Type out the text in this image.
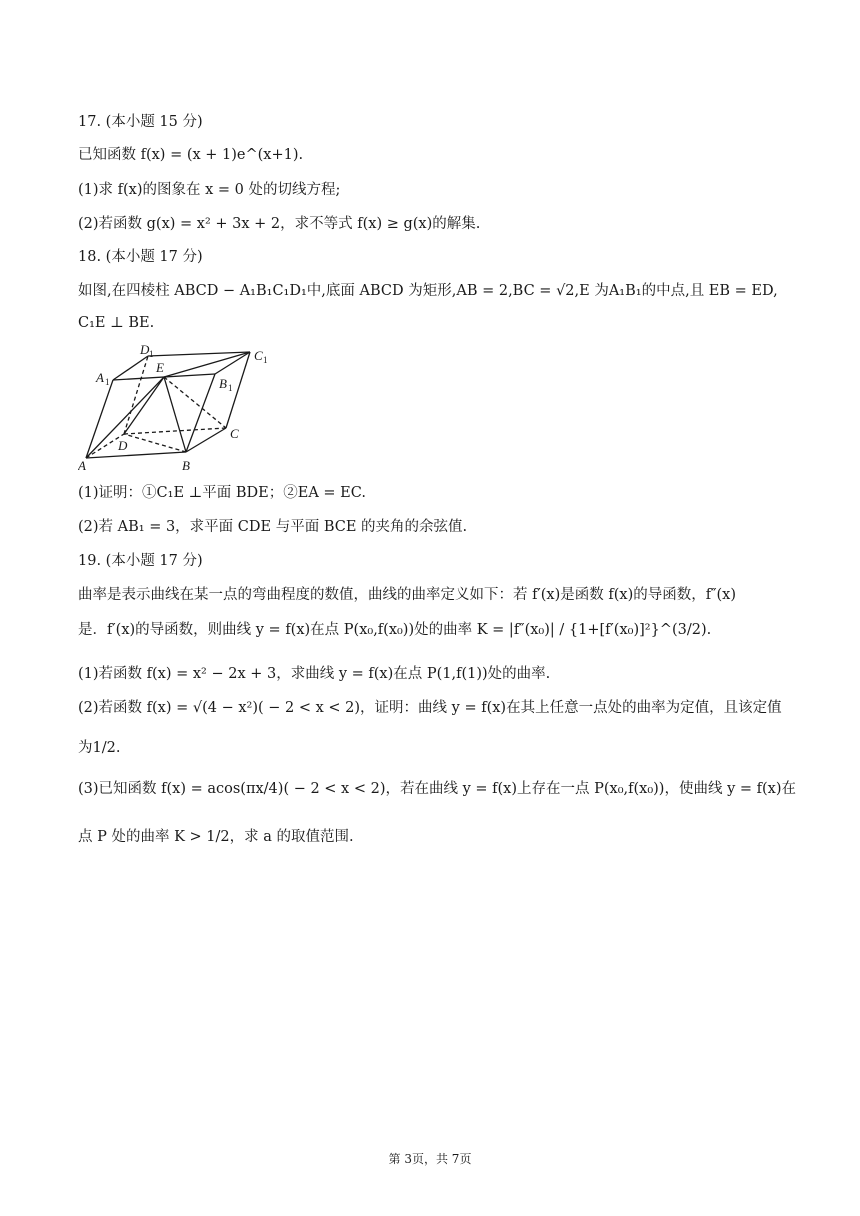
17. (本小题 15 分)
已知函数 f(x) = (x + 1)e^(x+1).
(1)求 f(x)的图象在 x = 0 处的切线方程;
(2)若函数 g(x) = x² + 3x + 2，求不等式 f(x) ≥ g(x)的解集.
18. (本小题 17 分)
如图,在四棱柱 ABCD − A₁B₁C₁D₁中,底面 ABCD 为矩形,AB = 2,BC = √2,E 为A₁B₁的中点,且 EB = ED,
C₁E ⊥ BE.
A	B
C
D
E
A 1	B 1
C 1
D 1
(1)证明：①C₁E ⊥平面 BDE；②EA = EC.
(2)若 AB₁ = 3，求平面 CDE 与平面 BCE 的夹角的余弦值.
19. (本小题 17 分)
曲率是表示曲线在某一点的弯曲程度的数值，曲线的曲率定义如下：若 f′(x)是函数 f(x)的导函数，f″(x)
是．f′(x)的导函数，则曲线 y = f(x)在点 P(x₀,f(x₀))处的曲率 K = |f″(x₀)| / {1+[f′(x₀)]²}^(3/2).
(1)若函数 f(x) = x² − 2x + 3，求曲线 y = f(x)在点 P(1,f(1))处的曲率.
(2)若函数 f(x) = √(4 − x²)( − 2 < x < 2)，证明：曲线 y = f(x)在其上任意一点处的曲率为定值，且该定值
为1/2.
(3)已知函数 f(x) = acos(πx/4)( − 2 < x < 2)，若在曲线 y = f(x)上存在一点 P(x₀,f(x₀))，使曲线 y = f(x)在
点 P 处的曲率 K > 1/2，求 a 的取值范围.
第 3页，共 7页
